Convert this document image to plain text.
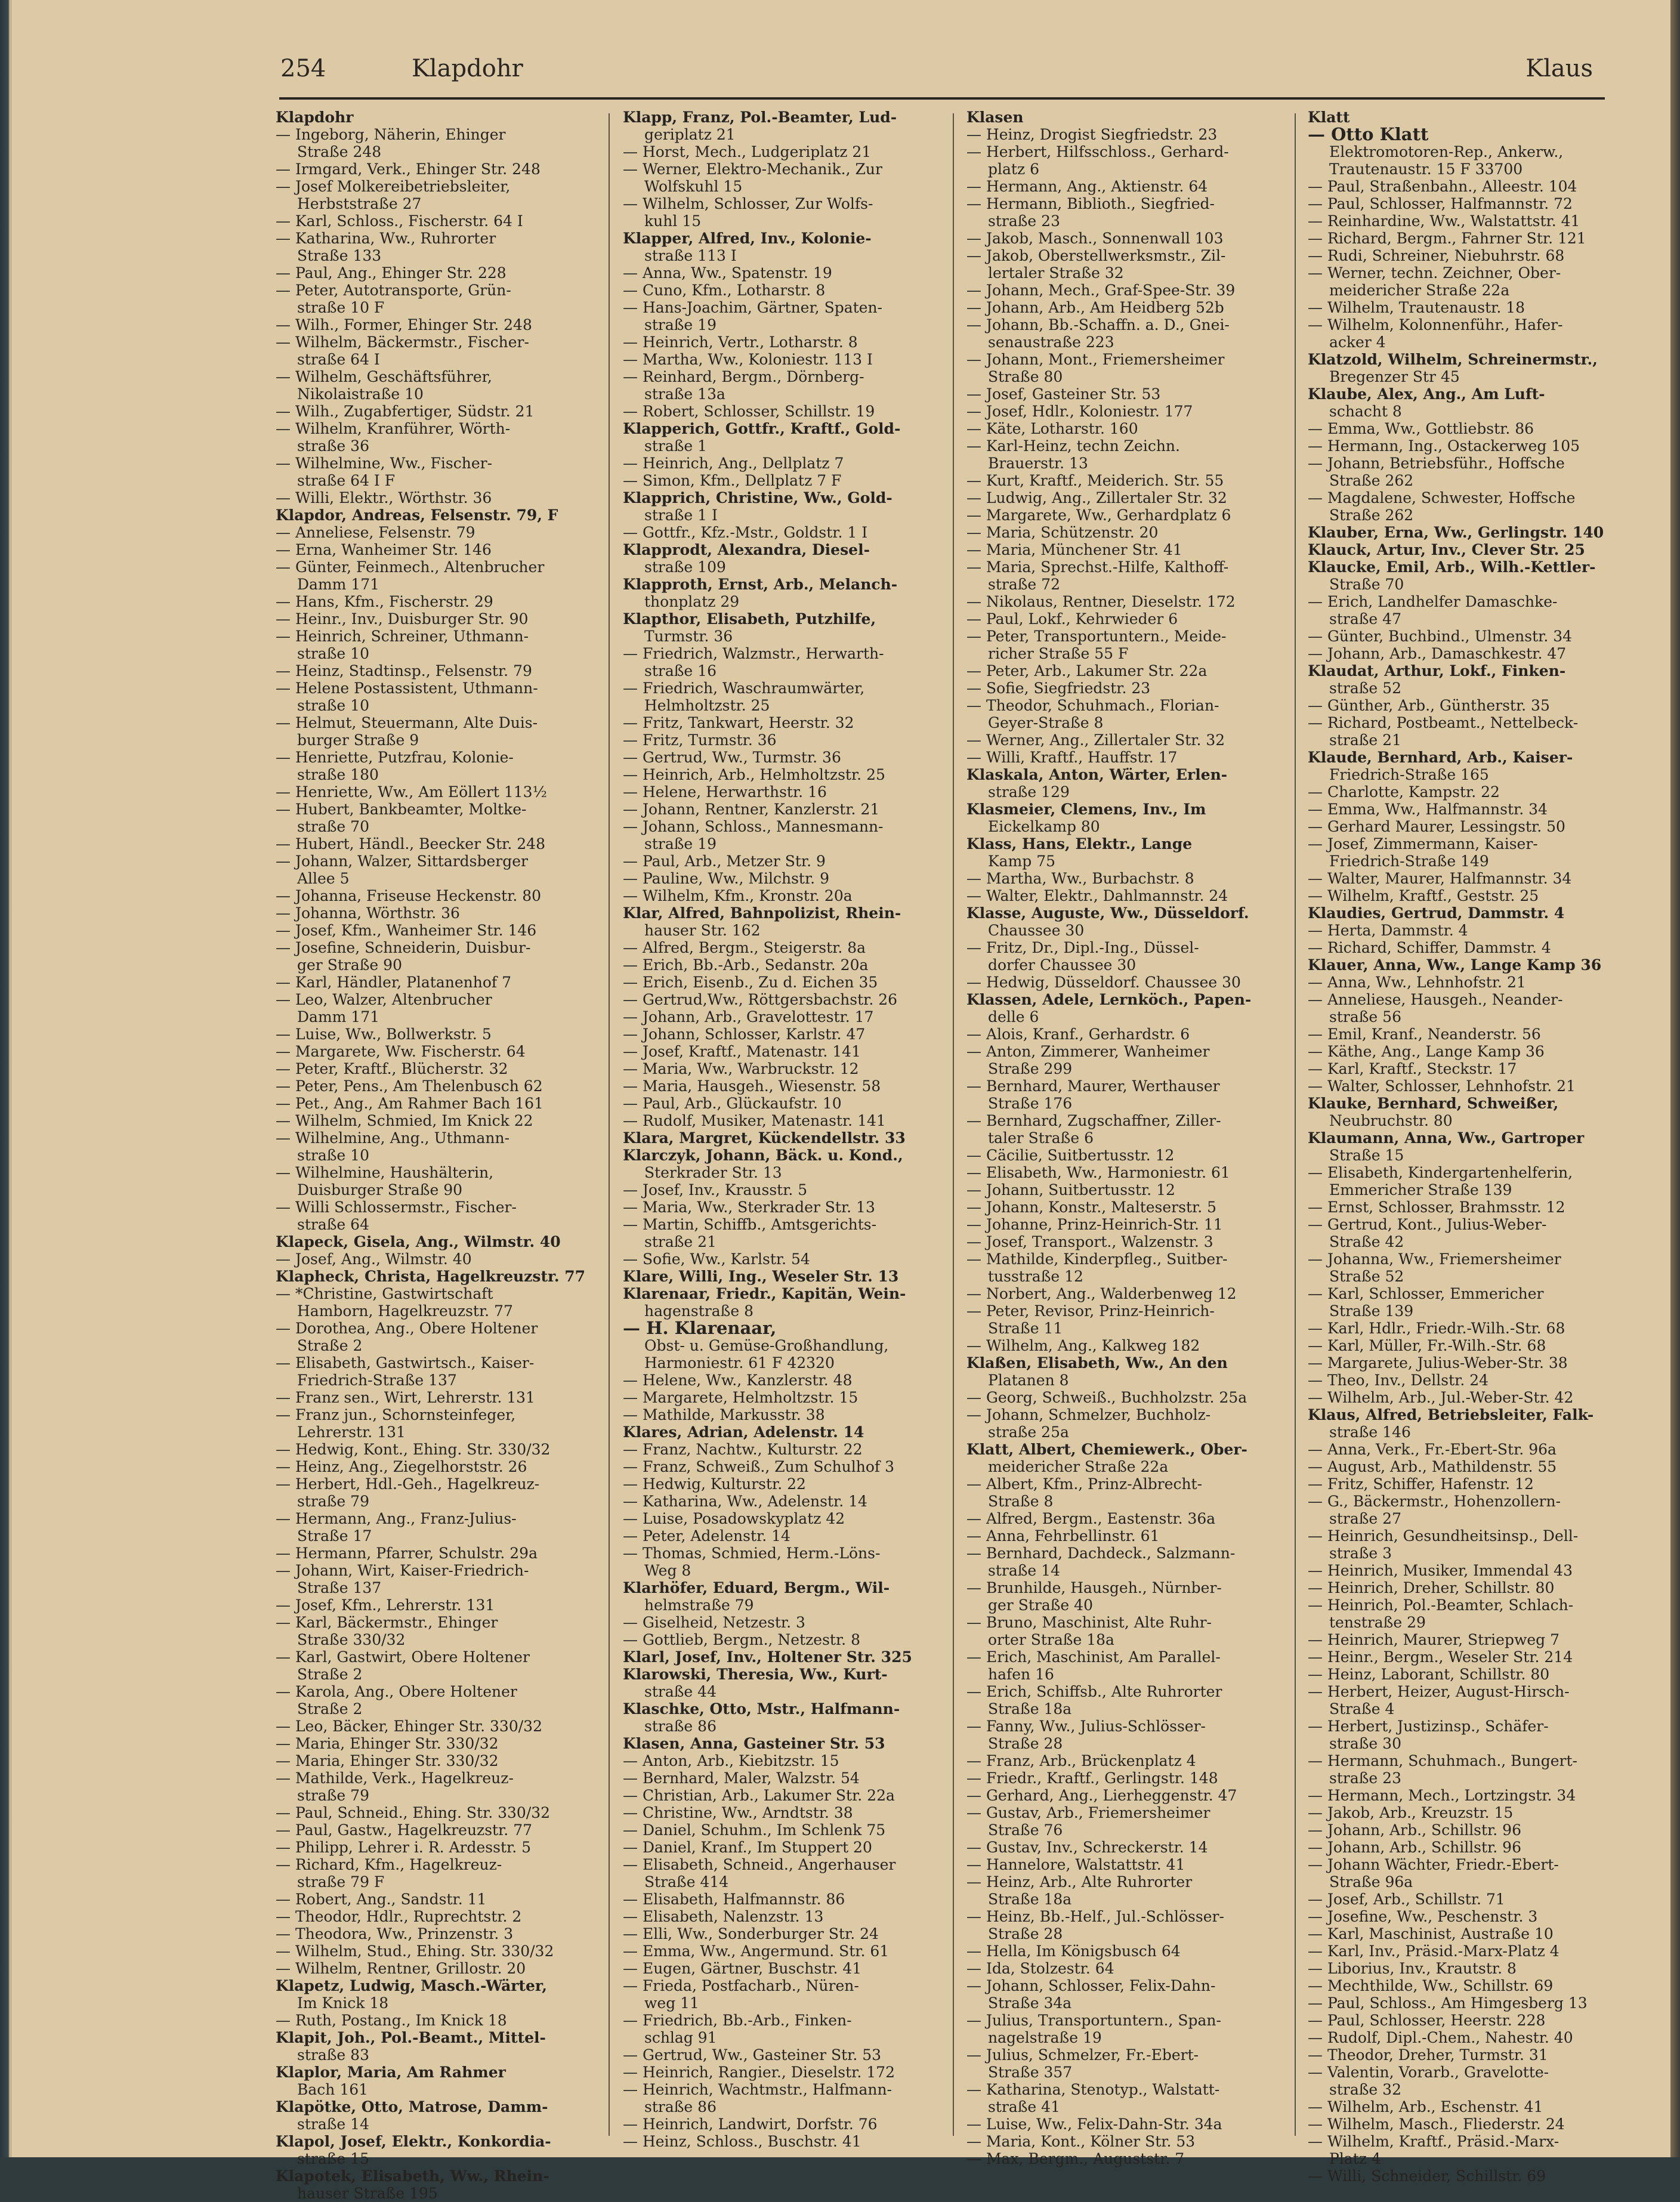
254	Klapdohr	Klaus
Klapdohr
— Ingeborg, Näherin, Ehinger
Straße 248
— Irmgard, Verk., Ehinger Str. 248
— Josef Molkereibetriebsleiter,
Herbststraße 27
— Karl, Schloss., Fischerstr. 64 I
— Katharina, Ww., Ruhrorter
Straße 133
— Paul, Ang., Ehinger Str. 228
— Peter, Autotransporte, Grün-
straße 10 F
— Wilh., Former, Ehinger Str. 248
— Wilhelm, Bäckermstr., Fischer-
straße 64 I
— Wilhelm, Geschäftsführer,
Nikolaistraße 10
— Wilh., Zugabfertiger, Südstr. 21
— Wilhelm, Kranführer, Wörth-
straße 36
— Wilhelmine, Ww., Fischer-
straße 64 I F
— Willi, Elektr., Wörthstr. 36
Klapdor, Andreas, Felsenstr. 79, F
— Anneliese, Felsenstr. 79
— Erna, Wanheimer Str. 146
— Günter, Feinmech., Altenbrucher
Damm 171
— Hans, Kfm., Fischerstr. 29
— Heinr., Inv., Duisburger Str. 90
— Heinrich, Schreiner, Uthmann-
straße 10
— Heinz, Stadtinsp., Felsenstr. 79
— Helene Postassistent, Uthmann-
straße 10
— Helmut, Steuermann, Alte Duis-
burger Straße 9
— Henriette, Putzfrau, Kolonie-
straße 180
— Henriette, Ww., Am Eöllert 113½
— Hubert, Bankbeamter, Moltke-
straße 70
— Hubert, Händl., Beecker Str. 248
— Johann, Walzer, Sittardsberger
Allee 5
— Johanna, Friseuse Heckenstr. 80
— Johanna, Wörthstr. 36
— Josef, Kfm., Wanheimer Str. 146
— Josefine, Schneiderin, Duisbur-
ger Straße 90
— Karl, Händler, Platanenhof 7
— Leo, Walzer, Altenbrucher
Damm 171
— Luise, Ww., Bollwerkstr. 5
— Margarete, Ww. Fischerstr. 64
— Peter, Kraftf., Blücherstr. 32
— Peter, Pens., Am Thelenbusch 62
— Pet., Ang., Am Rahmer Bach 161
— Wilhelm, Schmied, Im Knick 22
— Wilhelmine, Ang., Uthmann-
straße 10
— Wilhelmine, Haushälterin,
Duisburger Straße 90
— Willi Schlossermstr., Fischer-
straße 64
Klapeck, Gisela, Ang., Wilmstr. 40
— Josef, Ang., Wilmstr. 40
Klapheck, Christa, Hagelkreuzstr. 77
— *Christine, Gastwirtschaft
Hamborn, Hagelkreuzstr. 77
— Dorothea, Ang., Obere Holtener
Straße 2
— Elisabeth, Gastwirtsch., Kaiser-
Friedrich-Straße 137
— Franz sen., Wirt, Lehrerstr. 131
— Franz jun., Schornsteinfeger,
Lehrerstr. 131
— Hedwig, Kont., Ehing. Str. 330/32
— Heinz, Ang., Ziegelhorststr. 26
— Herbert, Hdl.-Geh., Hagelkreuz-
straße 79
— Hermann, Ang., Franz-Julius-
Straße 17
— Hermann, Pfarrer, Schulstr. 29a
— Johann, Wirt, Kaiser-Friedrich-
Straße 137
— Josef, Kfm., Lehrerstr. 131
— Karl, Bäckermstr., Ehinger
Straße 330/32
— Karl, Gastwirt, Obere Holtener
Straße 2
— Karola, Ang., Obere Holtener
Straße 2
— Leo, Bäcker, Ehinger Str. 330/32
— Maria, Ehinger Str. 330/32
— Maria, Ehinger Str. 330/32
— Mathilde, Verk., Hagelkreuz-
straße 79
— Paul, Schneid., Ehing. Str. 330/32
— Paul, Gastw., Hagelkreuzstr. 77
— Philipp, Lehrer i. R. Ardesstr. 5
— Richard, Kfm., Hagelkreuz-
straße 79 F
— Robert, Ang., Sandstr. 11
— Theodor, Hdlr., Ruprechtstr. 2
— Theodora, Ww., Prinzenstr. 3
— Wilhelm, Stud., Ehing. Str. 330/32
— Wilhelm, Rentner, Grillostr. 20
Klapetz, Ludwig, Masch.-Wärter,
Im Knick 18
— Ruth, Postang., Im Knick 18
Klapit, Joh., Pol.-Beamt., Mittel-
straße 83
Klaplor, Maria, Am Rahmer
Bach 161
Klapötke, Otto, Matrose, Damm-
straße 14
Klapol, Josef, Elektr., Konkordia-
straße 15
Klapotek, Elisabeth, Ww., Rhein-
hauser Straße 195
Klapp, Franz, Pol.-Beamter, Lud-
geriplatz 21
— Horst, Mech., Ludgeriplatz 21
— Werner, Elektro-Mechanik., Zur
Wolfskuhl 15
— Wilhelm, Schlosser, Zur Wolfs-
kuhl 15
Klapper, Alfred, Inv., Kolonie-
straße 113 I
— Anna, Ww., Spatenstr. 19
— Cuno, Kfm., Lotharstr. 8
— Hans-Joachim, Gärtner, Spaten-
straße 19
— Heinrich, Vertr., Lotharstr. 8
— Martha, Ww., Koloniestr. 113 I
— Reinhard, Bergm., Dörnberg-
straße 13a
— Robert, Schlosser, Schillstr. 19
Klapperich, Gottfr., Kraftf., Gold-
straße 1
— Heinrich, Ang., Dellplatz 7
— Simon, Kfm., Dellplatz 7 F
Klapprich, Christine, Ww., Gold-
straße 1 I
— Gottfr., Kfz.-Mstr., Goldstr. 1 I
Klapprodt, Alexandra, Diesel-
straße 109
Klapproth, Ernst, Arb., Melanch-
thonplatz 29
Klapthor, Elisabeth, Putzhilfe,
Turmstr. 36
— Friedrich, Walzmstr., Herwarth-
straße 16
— Friedrich, Waschraumwärter,
Helmholtzstr. 25
— Fritz, Tankwart, Heerstr. 32
— Fritz, Turmstr. 36
— Gertrud, Ww., Turmstr. 36
— Heinrich, Arb., Helmholtzstr. 25
— Helene, Herwarthstr. 16
— Johann, Rentner, Kanzlerstr. 21
— Johann, Schloss., Mannesmann-
straße 19
— Paul, Arb., Metzer Str. 9
— Pauline, Ww., Milchstr. 9
— Wilhelm, Kfm., Kronstr. 20a
Klar, Alfred, Bahnpolizist, Rhein-
hauser Str. 162
— Alfred, Bergm., Steigerstr. 8a
— Erich, Bb.-Arb., Sedanstr. 20a
— Erich, Eisenb., Zu d. Eichen 35
— Gertrud,Ww., Röttgersbachstr. 26
— Johann, Arb., Gravelottestr. 17
— Johann, Schlosser, Karlstr. 47
— Josef, Kraftf., Matenastr. 141
— Maria, Ww., Warbruckstr. 12
— Maria, Hausgeh., Wiesenstr. 58
— Paul, Arb., Glückaufstr. 10
— Rudolf, Musiker, Matenastr. 141
Klara, Margret, Kückendellstr. 33
Klarczyk, Johann, Bäck. u. Kond.,
Sterkrader Str. 13
— Josef, Inv., Krausstr. 5
— Maria, Ww., Sterkrader Str. 13
— Martin, Schiffb., Amtsgerichts-
straße 21
— Sofie, Ww., Karlstr. 54
Klare, Willi, Ing., Weseler Str. 13
Klarenaar, Friedr., Kapitän, Wein-
hagenstraße 8
— H. Klarenaar,
Obst- u. Gemüse-Großhandlung,
Harmoniestr. 61 F 42320
— Helene, Ww., Kanzlerstr. 48
— Margarete, Helmholtzstr. 15
— Mathilde, Markusstr. 38
Klares, Adrian, Adelenstr. 14
— Franz, Nachtw., Kulturstr. 22
— Franz, Schweiß., Zum Schulhof 3
— Hedwig, Kulturstr. 22
— Katharina, Ww., Adelenstr. 14
— Luise, Posadowskyplatz 42
— Peter, Adelenstr. 14
— Thomas, Schmied, Herm.-Löns-
Weg 8
Klarhöfer, Eduard, Bergm., Wil-
helmstraße 79
— Giselheid, Netzestr. 3
— Gottlieb, Bergm., Netzestr. 8
Klarl, Josef, Inv., Holtener Str. 325
Klarowski, Theresia, Ww., Kurt-
straße 44
Klaschke, Otto, Mstr., Halfmann-
straße 86
Klasen, Anna, Gasteiner Str. 53
— Anton, Arb., Kiebitzstr. 15
— Bernhard, Maler, Walzstr. 54
— Christian, Arb., Lakumer Str. 22a
— Christine, Ww., Arndtstr. 38
— Daniel, Schuhm., Im Schlenk 75
— Daniel, Kranf., Im Stuppert 20
— Elisabeth, Schneid., Angerhauser
Straße 414
— Elisabeth, Halfmannstr. 86
— Elisabeth, Nalenzstr. 13
— Elli, Ww., Sonderburger Str. 24
— Emma, Ww., Angermund. Str. 61
— Eugen, Gärtner, Buschstr. 41
— Frieda, Postfacharb., Nüren-
weg 11
— Friedrich, Bb.-Arb., Finken-
schlag 91
— Gertrud, Ww., Gasteiner Str. 53
— Heinrich, Rangier., Dieselstr. 172
— Heinrich, Wachtmstr., Halfmann-
straße 86
— Heinrich, Landwirt, Dorfstr. 76
— Heinz, Schloss., Buschstr. 41
Klasen
— Heinz, Drogist Siegfriedstr. 23
— Herbert, Hilfsschloss., Gerhard-
platz 6
— Hermann, Ang., Aktienstr. 64
— Hermann, Biblioth., Siegfried-
straße 23
— Jakob, Masch., Sonnenwall 103
— Jakob, Oberstellwerksmstr., Zil-
lertaler Straße 32
— Johann, Mech., Graf-Spee-Str. 39
— Johann, Arb., Am Heidberg 52b
— Johann, Bb.-Schaffn. a. D., Gnei-
senaustraße 223
— Johann, Mont., Friemersheimer
Straße 80
— Josef, Gasteiner Str. 53
— Josef, Hdlr., Koloniestr. 177
— Käte, Lotharstr. 160
— Karl-Heinz, techn Zeichn.
Brauerstr. 13
— Kurt, Kraftf., Meiderich. Str. 55
— Ludwig, Ang., Zillertaler Str. 32
— Margarete, Ww., Gerhardplatz 6
— Maria, Schützenstr. 20
— Maria, Münchener Str. 41
— Maria, Sprechst.-Hilfe, Kalthoff-
straße 72
— Nikolaus, Rentner, Dieselstr. 172
— Paul, Lokf., Kehrwieder 6
— Peter, Transportuntern., Meide-
richer Straße 55 F
— Peter, Arb., Lakumer Str. 22a
— Sofie, Siegfriedstr. 23
— Theodor, Schuhmach., Florian-
Geyer-Straße 8
— Werner, Ang., Zillertaler Str. 32
— Willi, Kraftf., Hauffstr. 17
Klaskala, Anton, Wärter, Erlen-
straße 129
Klasmeier, Clemens, Inv., Im
Eickelkamp 80
Klass, Hans, Elektr., Lange
Kamp 75
— Martha, Ww., Burbachstr. 8
— Walter, Elektr., Dahlmannstr. 24
Klasse, Auguste, Ww., Düsseldorf.
Chaussee 30
— Fritz, Dr., Dipl.-Ing., Düssel-
dorfer Chaussee 30
— Hedwig, Düsseldorf. Chaussee 30
Klassen, Adele, Lernköch., Papen-
delle 6
— Alois, Kranf., Gerhardstr. 6
— Anton, Zimmerer, Wanheimer
Straße 299
— Bernhard, Maurer, Werthauser
Straße 176
— Bernhard, Zugschaffner, Ziller-
taler Straße 6
— Cäcilie, Suitbertusstr. 12
— Elisabeth, Ww., Harmoniestr. 61
— Johann, Suitbertusstr. 12
— Johann, Konstr., Malteserstr. 5
— Johanne, Prinz-Heinrich-Str. 11
— Josef, Transport., Walzenstr. 3
— Mathilde, Kinderpfleg., Suitber-
tusstraße 12
— Norbert, Ang., Walderbenweg 12
— Peter, Revisor, Prinz-Heinrich-
Straße 11
— Wilhelm, Ang., Kalkweg 182
Klaßen, Elisabeth, Ww., An den
Platanen 8
— Georg, Schweiß., Buchholzstr. 25a
— Johann, Schmelzer, Buchholz-
straße 25a
Klatt, Albert, Chemiewerk., Ober-
meidericher Straße 22a
— Albert, Kfm., Prinz-Albrecht-
Straße 8
— Alfred, Bergm., Eastenstr. 36a
— Anna, Fehrbellinstr. 61
— Bernhard, Dachdeck., Salzmann-
straße 14
— Brunhilde, Hausgeh., Nürnber-
ger Straße 40
— Bruno, Maschinist, Alte Ruhr-
orter Straße 18a
— Erich, Maschinist, Am Parallel-
hafen 16
— Erich, Schiffsb., Alte Ruhrorter
Straße 18a
— Fanny, Ww., Julius-Schlösser-
Straße 28
— Franz, Arb., Brückenplatz 4
— Friedr., Kraftf., Gerlingstr. 148
— Gerhard, Ang., Lierheggenstr. 47
— Gustav, Arb., Friemersheimer
Straße 76
— Gustav, Inv., Schreckerstr. 14
— Hannelore, Walstattstr. 41
— Heinz, Arb., Alte Ruhrorter
Straße 18a
— Heinz, Bb.-Helf., Jul.-Schlösser-
Straße 28
— Hella, Im Königsbusch 64
— Ida, Stolzestr. 64
— Johann, Schlosser, Felix-Dahn-
Straße 34a
— Julius, Transportuntern., Span-
nagelstraße 19
— Julius, Schmelzer, Fr.-Ebert-
Straße 357
— Katharina, Stenotyp., Walstatt-
straße 41
— Luise, Ww., Felix-Dahn-Str. 34a
— Maria, Kont., Kölner Str. 53
— Max, Bergm., Auguststr. 7
Klatt
— Otto Klatt
Elektromotoren-Rep., Ankerw.,
Trautenaustr. 15 F 33700
— Paul, Straßenbahn., Alleestr. 104
— Paul, Schlosser, Halfmannstr. 72
— Reinhardine, Ww., Walstattstr. 41
— Richard, Bergm., Fahrner Str. 121
— Rudi, Schreiner, Niebuhrstr. 68
— Werner, techn. Zeichner, Ober-
meidericher Straße 22a
— Wilhelm, Trautenaustr. 18
— Wilhelm, Kolonnenführ., Hafer-
acker 4
Klatzold, Wilhelm, Schreinermstr.,
Bregenzer Str 45
Klaube, Alex, Ang., Am Luft-
schacht 8
— Emma, Ww., Gottliebstr. 86
— Hermann, Ing., Ostackerweg 105
— Johann, Betriebsführ., Hoffsche
Straße 262
— Magdalene, Schwester, Hoffsche
Straße 262
Klauber, Erna, Ww., Gerlingstr. 140
Klauck, Artur, Inv., Clever Str. 25
Klaucke, Emil, Arb., Wilh.-Kettler-
Straße 70
— Erich, Landhelfer Damaschke-
straße 47
— Günter, Buchbind., Ulmenstr. 34
— Johann, Arb., Damaschkestr. 47
Klaudat, Arthur, Lokf., Finken-
straße 52
— Günther, Arb., Güntherstr. 35
— Richard, Postbeamt., Nettelbeck-
straße 21
Klaude, Bernhard, Arb., Kaiser-
Friedrich-Straße 165
— Charlotte, Kampstr. 22
— Emma, Ww., Halfmannstr. 34
— Gerhard Maurer, Lessingstr. 50
— Josef, Zimmermann, Kaiser-
Friedrich-Straße 149
— Walter, Maurer, Halfmannstr. 34
— Wilhelm, Kraftf., Geststr. 25
Klaudies, Gertrud, Dammstr. 4
— Herta, Dammstr. 4
— Richard, Schiffer, Dammstr. 4
Klauer, Anna, Ww., Lange Kamp 36
— Anna, Ww., Lehnhofstr. 21
— Anneliese, Hausgeh., Neander-
straße 56
— Emil, Kranf., Neanderstr. 56
— Käthe, Ang., Lange Kamp 36
— Karl, Kraftf., Steckstr. 17
— Walter, Schlosser, Lehnhofstr. 21
Klauke, Bernhard, Schweißer,
Neubruchstr. 80
Klaumann, Anna, Ww., Gartroper
Straße 15
— Elisabeth, Kindergartenhelferin,
Emmericher Straße 139
— Ernst, Schlosser, Brahmsstr. 12
— Gertrud, Kont., Julius-Weber-
Straße 42
— Johanna, Ww., Friemersheimer
Straße 52
— Karl, Schlosser, Emmericher
Straße 139
— Karl, Hdlr., Friedr.-Wilh.-Str. 68
— Karl, Müller, Fr.-Wilh.-Str. 68
— Margarete, Julius-Weber-Str. 38
— Theo, Inv., Dellstr. 24
— Wilhelm, Arb., Jul.-Weber-Str. 42
Klaus, Alfred, Betriebsleiter, Falk-
straße 146
— Anna, Verk., Fr.-Ebert-Str. 96a
— August, Arb., Mathildenstr. 55
— Fritz, Schiffer, Hafenstr. 12
— G., Bäckermstr., Hohenzollern-
straße 27
— Heinrich, Gesundheitsinsp., Dell-
straße 3
— Heinrich, Musiker, Immendal 43
— Heinrich, Dreher, Schillstr. 80
— Heinrich, Pol.-Beamter, Schlach-
tenstraße 29
— Heinrich, Maurer, Striepweg 7
— Heinr., Bergm., Weseler Str. 214
— Heinz, Laborant, Schillstr. 80
— Herbert, Heizer, August-Hirsch-
Straße 4
— Herbert, Justizinsp., Schäfer-
straße 30
— Hermann, Schuhmach., Bungert-
straße 23
— Hermann, Mech., Lortzingstr. 34
— Jakob, Arb., Kreuzstr. 15
— Johann, Arb., Schillstr. 96
— Johann, Arb., Schillstr. 96
— Johann Wächter, Friedr.-Ebert-
Straße 96a
— Josef, Arb., Schillstr. 71
— Josefine, Ww., Peschenstr. 3
— Karl, Maschinist, Austraße 10
— Karl, Inv., Präsid.-Marx-Platz 4
— Liborius, Inv., Krautstr. 8
— Mechthilde, Ww., Schillstr. 69
— Paul, Schloss., Am Himgesberg 13
— Paul, Schlosser, Heerstr. 228
— Rudolf, Dipl.-Chem., Nahestr. 40
— Theodor, Dreher, Turmstr. 31
— Valentin, Vorarb., Gravelotte-
straße 32
— Wilhelm, Arb., Eschenstr. 41
— Wilhelm, Masch., Fliederstr. 24
— Wilhelm, Kraftf., Präsid.-Marx-
Platz 4
— Willi, Schneider, Schillstr. 69
